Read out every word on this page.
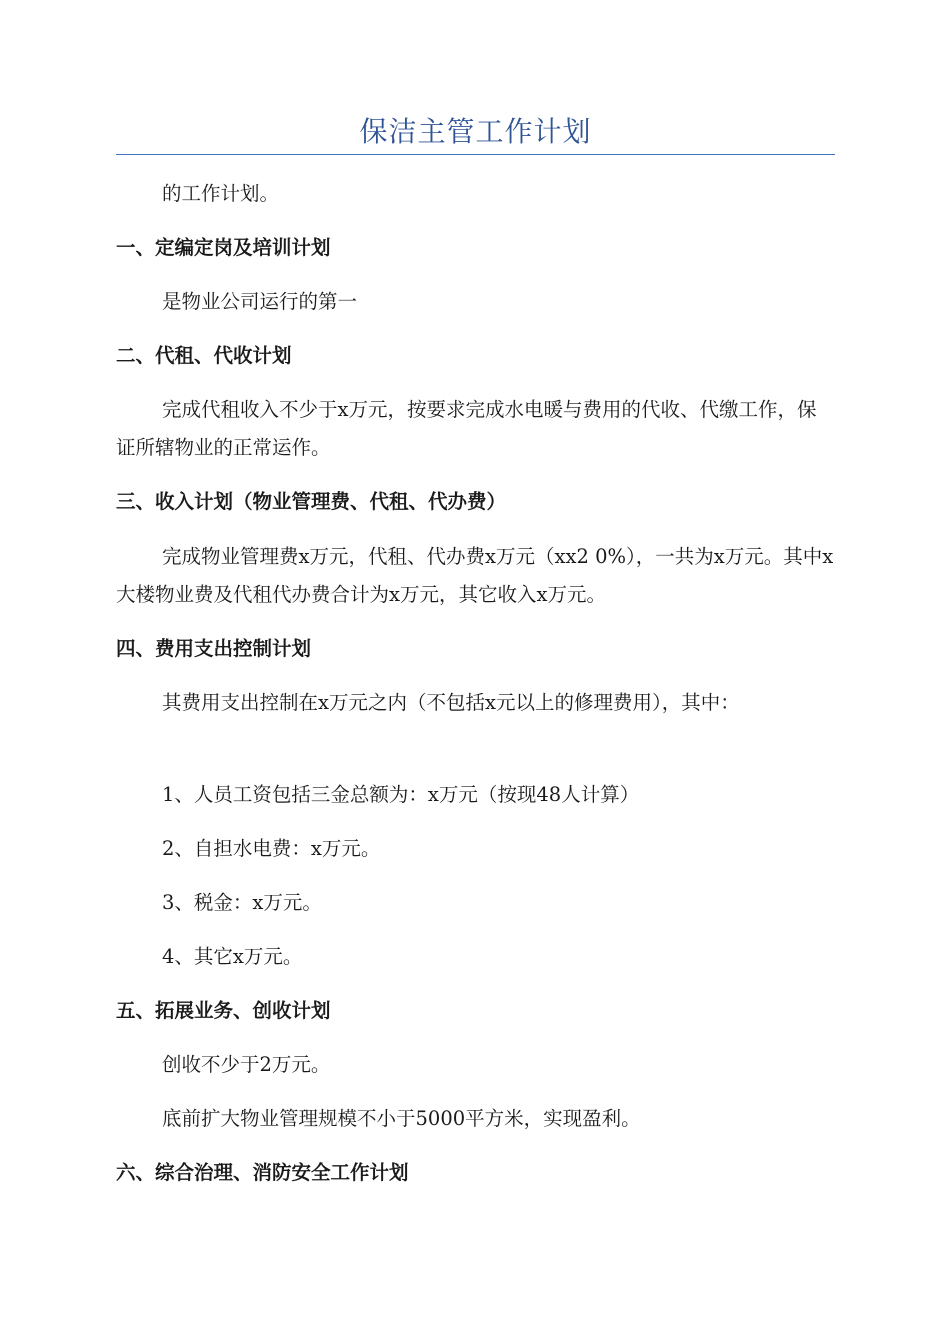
保洁主管工作计划
的工作计划。
一、定编定岗及培训计划
是物业公司运行的第一
二、代租、代收计划
完成代租收入不少于x万元，按要求完成水电暖与费用的代收、代缴工作，保证所辖物业的正常运作。
三、收入计划（物业管理费、代租、代办费）
完成物业管理费x万元，代租、代办费x万元（xx2 0%），一共为x万元。其中x大楼物业费及代租代办费合计为x万元，其它收入x万元。
四、费用支出控制计划
其费用支出控制在x万元之内（不包括x元以上的修理费用），其中：
1、人员工资包括三金总额为：x万元（按现48人计算）
2、自担水电费：x万元。
3、税金：x万元。
4、其它x万元。
五、拓展业务、创收计划
创收不少于2万元。
底前扩大物业管理规模不小于5000平方米，实现盈利。
六、综合治理、消防安全工作计划
